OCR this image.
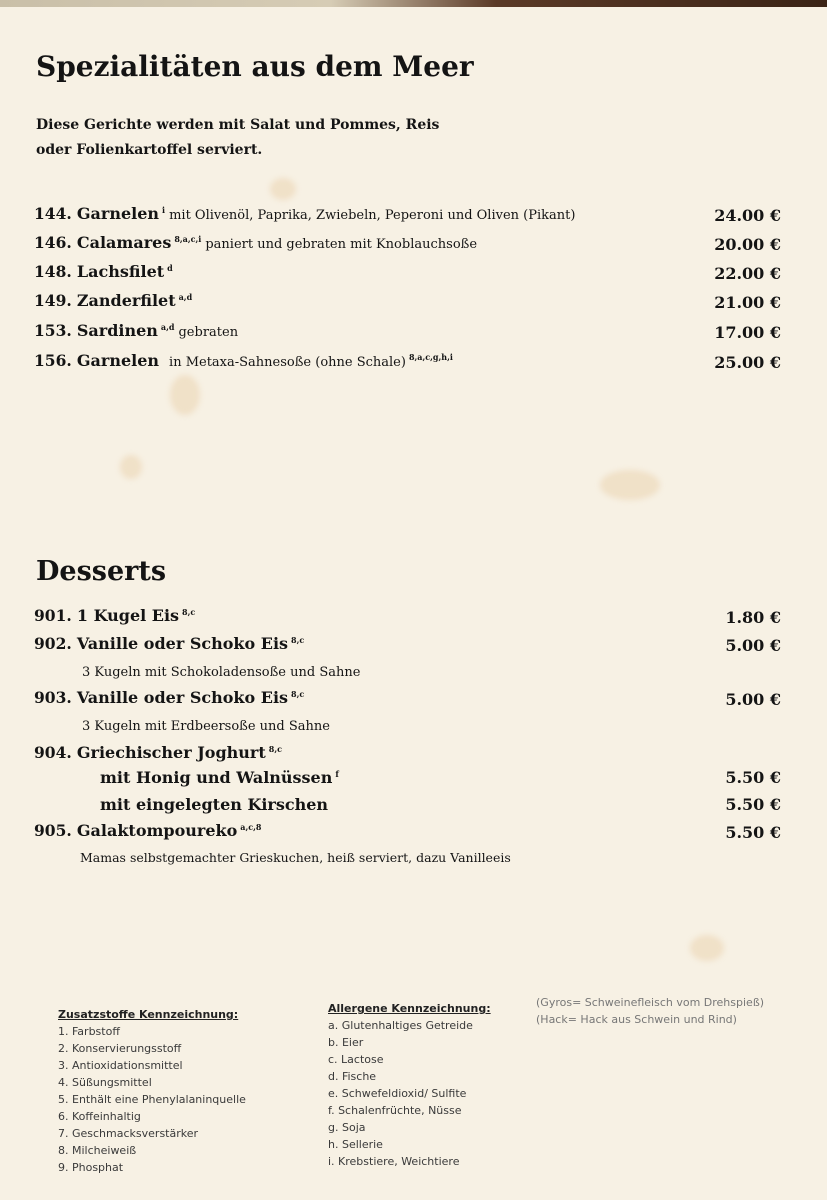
Spezialitäten aus dem Meer
Diese Gerichte werden mit Salat und Pommes, Reis
oder Folienkartoffel serviert.
144. Garnelen $^i$ mit Olivenöl, Paprika, Zwiebeln, Peperoni und Oliven (Pikant)	24.00 €
146. Calamares $^{8,a,c,i}$ paniert und gebraten mit Knoblauchsoße	20.00 €
148. Lachsfilet $^d$	22.00 €
149. Zanderfilet $^{a,d}$	21.00 €
153. Sardinen $^{a,d}$ gebraten	17.00 €
156. Garnelen in Metaxa-Sahnesoße (ohne Schale) $^{8,a,c,g,h,i}$	25.00 €
Desserts
901. 1 Kugel Eis $^{8,c}$	1.80 €
902. Vanille oder Schoko Eis $^{8,c}$	5.00 €
3 Kugeln mit Schokoladensoße und Sahne
903. Vanille oder Schoko Eis $^{8,c}$	5.00 €
3 Kugeln mit Erdbeersoße und Sahne
904. Griechischer Joghurt $^{8,c}$
mit Honig und Walnüssen $^f$	5.50 €
mit eingelegten Kirschen	5.50 €
905. Galaktompoureko $^{a,c,8}$	5.50 €
Mamas selbstgemachter Grieskuchen, heiß serviert, dazu Vanilleeis
Zusatzstoffe Kennzeichnung:
1. Farbstoff
2. Konservierungsstoff
3. Antioxidationsmittel
4. Süßungsmittel
5. Enthält eine Phenylalaninquelle
6. Koffeinhaltig
7. Geschmacksverstärker
8. Milcheiweiß
9. Phosphat
Allergene Kennzeichnung:
a. Glutenhaltiges Getreide
b. Eier
c. Lactose
d. Fische
e. Schwefeldioxid/ Sulfite
f. Schalenfrüchte, Nüsse
g. Soja
h. Sellerie
i. Krebstiere, Weichtiere
(Gyros= Schweinefleisch vom Drehspieß)
(Hack= Hack aus Schwein und Rind)
